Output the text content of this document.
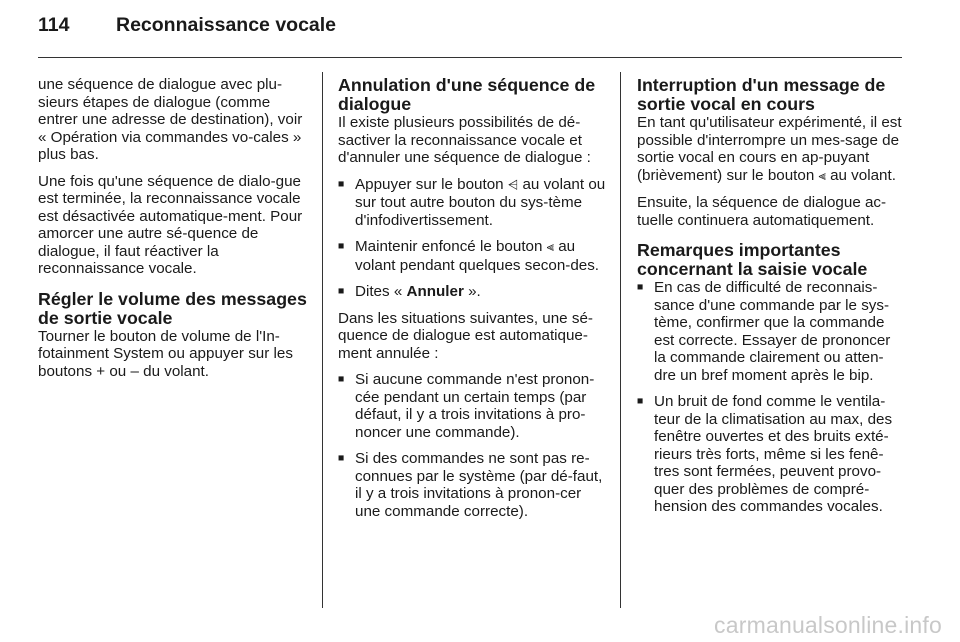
114 Reconnaissance vocale

une séquence de dialogue avec plu-sieurs étapes de dialogue (comme entrer une adresse de destination), voir « Opération via commandes vo-cales » plus bas.

Une fois qu'une séquence de dialo-gue est terminée, la reconnaissance vocale est désactivée automatique-ment. Pour amorcer une autre sé-quence de dialogue, il faut réactiver la reconnaissance vocale.

Régler le volume des messages de sortie vocale

Tourner le bouton de volume de l'In-fotainment System ou appuyer sur les boutons + ou – du volant.

Annulation d'une séquence de dialogue

Il existe plusieurs possibilités de dé-sactiver la reconnaissance vocale et d'annuler une séquence de dialogue :

■ Appuyer sur le bouton ⩤ au volant ou sur tout autre bouton du sys-tème d'infodivertissement.
■ Maintenir enfoncé le bouton ⫷ au volant pendant quelques secon-des.
■ Dites « Annuler ».

Dans les situations suivantes, une sé-quence de dialogue est automatique-ment annulée :

■ Si aucune commande n'est pronon-cée pendant un certain temps (par défaut, il y a trois invitations à pro-noncer une commande).
■ Si des commandes ne sont pas re-connues par le système (par dé-faut, il y a trois invitations à pronon-cer une commande correcte).
Interruption d'un message de sortie vocal en cours

En tant qu'utilisateur expérimenté, il est possible d'interrompre un mes-sage de sortie vocal en cours en ap-puyant (brièvement) sur le bouton ⫷ au volant.

Ensuite, la séquence de dialogue ac-tuelle continuera automatiquement.

Remarques importantes concernant la saisie vocale
■ En cas de difficulté de reconnais-sance d'une commande par le sys-tème, confirmer que la commande est correcte. Essayer de prononcer la commande clairement ou atten-dre un bref moment après le bip.
■ Un bruit de fond comme le ventila-teur de la climatisation au max, des fenêtre ouvertes et des bruits exté-rieurs très forts, même si les fenê-tres sont fermées, peuvent provo-quer des problèmes de compré-hension des commandes vocales.
carmanualsonline.info
